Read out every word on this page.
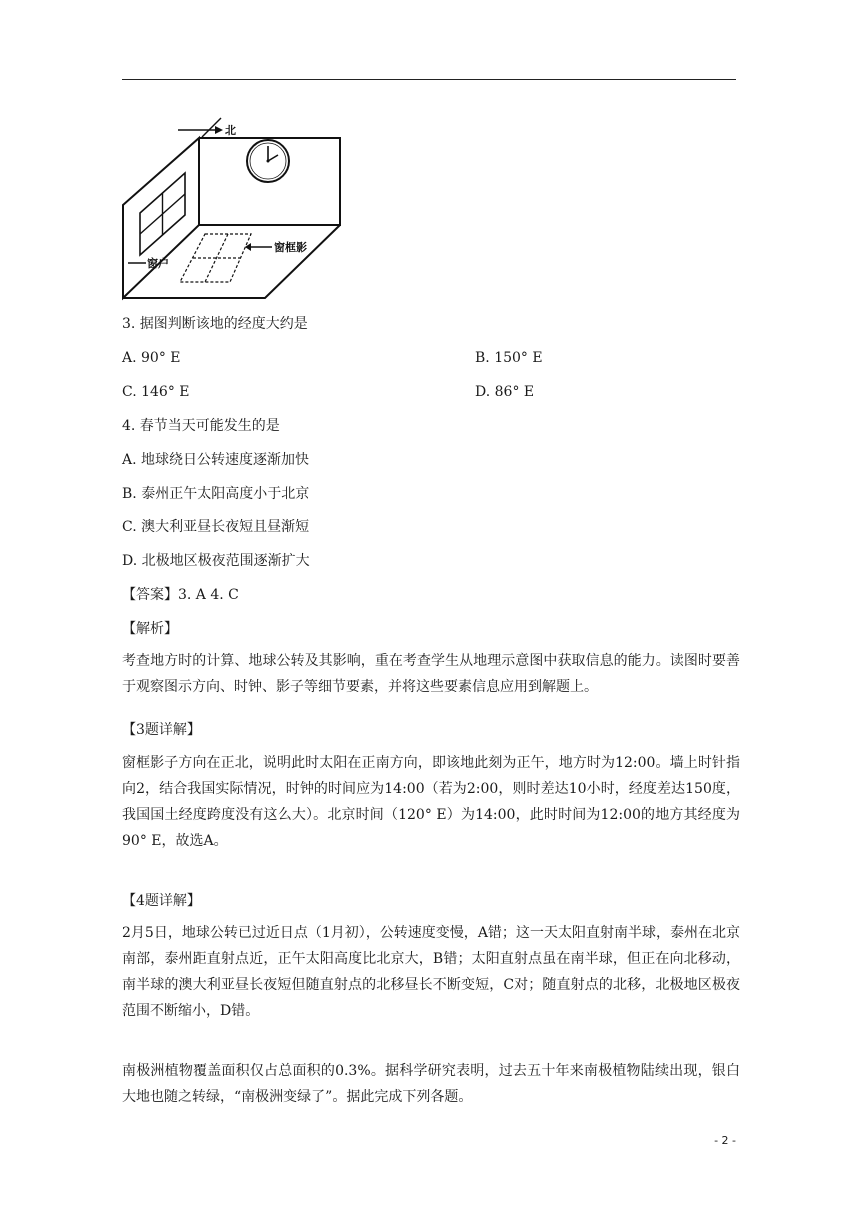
窗户
北
窗框影
3. 据图判断该地的经度大约是
A. 90° E	B. 150° E
C. 146° E	D. 86° E
4. 春节当天可能发生的是
A. 地球绕日公转速度逐渐加快
B. 泰州正午太阳高度小于北京
C. 澳大利亚昼长夜短且昼渐短
D. 北极地区极夜范围逐渐扩大
【答案】3. A 4. C
【解析】
考查地方时的计算、地球公转及其影响，重在考查学生从地理示意图中获取信息的能力。读图时要善于观察图示方向、时钟、影子等细节要素，并将这些要素信息应用到解题上。
【3题详解】
窗框影子方向在正北，说明此时太阳在正南方向，即该地此刻为正午，地方时为12:00。墙上时针指向2，结合我国实际情况，时钟的时间应为14:00（若为2:00，则时差达10小时，经度差达150度，我国国土经度跨度没有这么大）。北京时间（120° E）为14:00，此时时间为12:00的地方其经度为90° E，故选A。
【4题详解】
2月5日，地球公转已过近日点（1月初），公转速度变慢，A错；这一天太阳直射南半球，泰州在北京南部，泰州距直射点近，正午太阳高度比北京大，B错；太阳直射点虽在南半球，但正在向北移动，南半球的澳大利亚昼长夜短但随直射点的北移昼长不断变短，C对；随直射点的北移，北极地区极夜范围不断缩小，D错。
南极洲植物覆盖面积仅占总面积的0.3%。据科学研究表明，过去五十年来南极植物陆续出现，银白大地也随之转绿，“南极洲变绿了”。据此完成下列各题。
- 2 -
